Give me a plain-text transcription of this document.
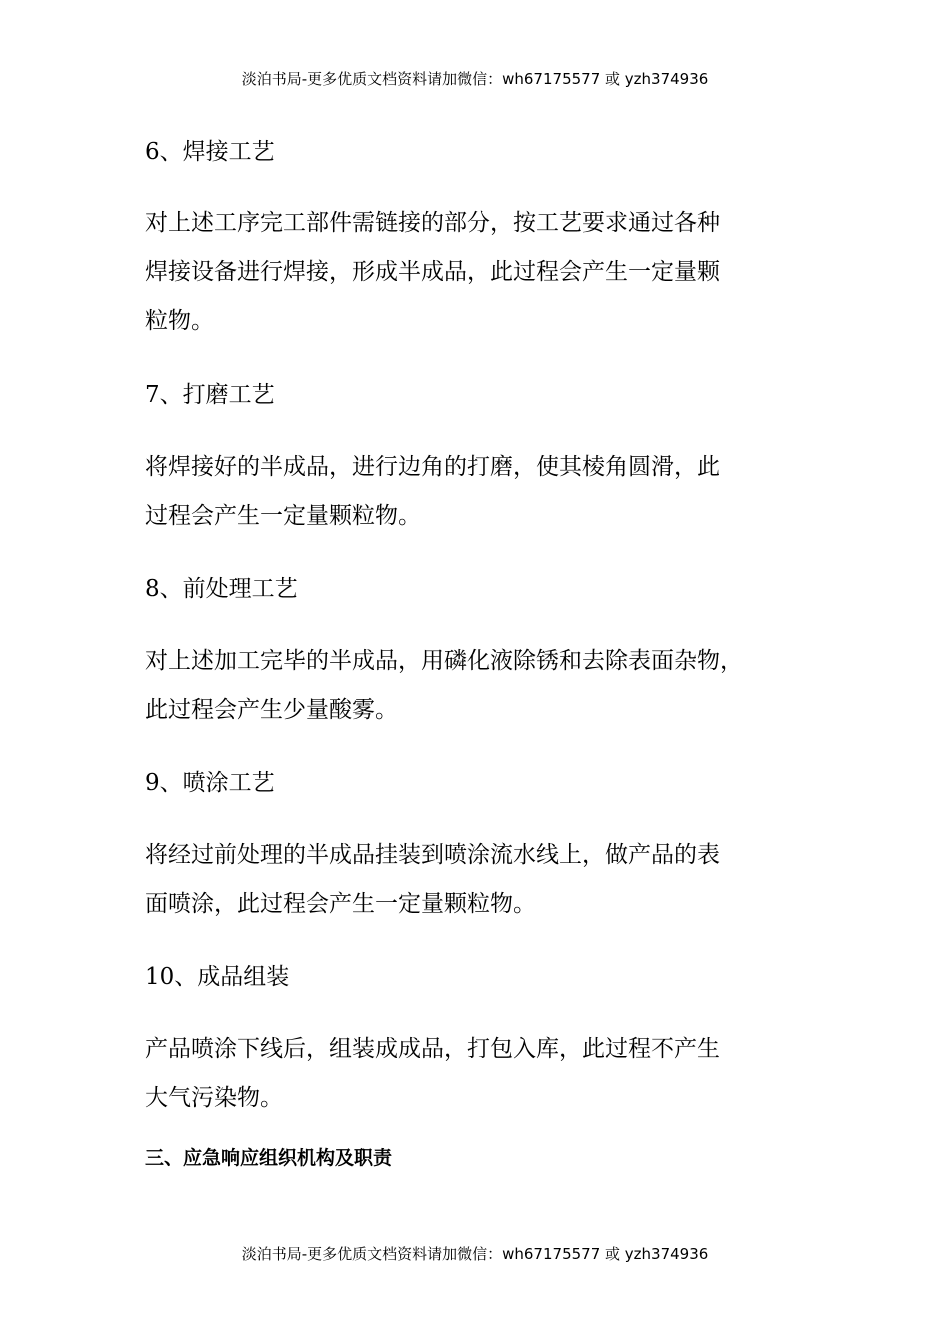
淡泊书局-更多优质文档资料请加微信：wh67175577 或 yzh374936
6、焊接工艺
对上述工序完工部件需链接的部分，按工艺要求通过各种
焊接设备进行焊接，形成半成品，此过程会产生一定量颗
粒物。
7、打磨工艺
将焊接好的半成品，进行边角的打磨，使其棱角圆滑，此
过程会产生一定量颗粒物。
8、前处理工艺
对上述加工完毕的半成品，用磷化液除锈和去除表面杂物，
此过程会产生少量酸雾。
9、喷涂工艺
将经过前处理的半成品挂装到喷涂流水线上，做产品的表
面喷涂，此过程会产生一定量颗粒物。
10、成品组装
产品喷涂下线后，组装成成品，打包入库，此过程不产生
大气污染物。
三、应急响应组织机构及职责
淡泊书局-更多优质文档资料请加微信：wh67175577 或 yzh374936
